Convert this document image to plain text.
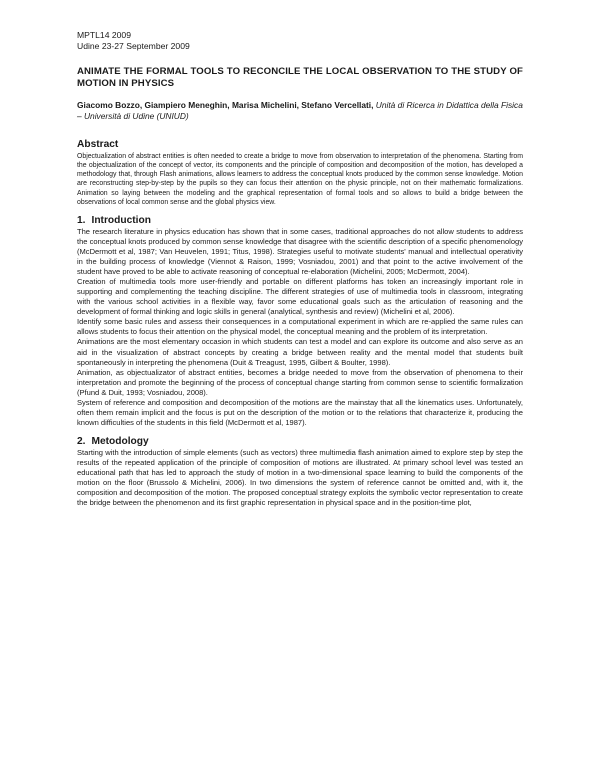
MPTL14 2009
Udine 23-27 September 2009
ANIMATE THE FORMAL TOOLS TO RECONCILE THE LOCAL OBSERVATION TO THE STUDY OF MOTION IN PHYSICS
Giacomo Bozzo, Giampiero Meneghin, Marisa Michelini, Stefano Vercellati, Unità di Ricerca in Didattica della Fisica – Università di Udine (UNIUD)
Abstract

Objectualization of abstract entities is often needed to create a bridge to move from observation to interpretation of the phenomena. Starting from the objectualization of the concept of vector, its components and the principle of composition and decomposition of the motion, has developed a methodology that, through Flash animations, allows learners to address the conceptual knots produced by the common sense knowledge. Motion are reconstructing step-by-step by the pupils so they can focus their attention on the physic principle, not on their mathematic formalizations. Animation so laying between the modeling and the graphical representation of formal tools and so allows to build a bridge between the observations of local common sense and the global physics view.

1. Introduction

The research literature in physics education has shown that in some cases, traditional approaches do not allow students to address the conceptual knots produced by common sense knowledge that disagree with the scientific description of a specific phenomenology (McDermott et al, 1987; Van Heuvelen, 1991; Titus, 1998). Strategies useful to motivate students' manual and intellectual operativity in the building process of knowledge (Viennot & Raison, 1999; Vosniadou, 2001) and that point to the active involvement of the student have proved to be able to activate reasoning of conceptual re-elaboration (Michelini, 2005; McDermott, 2004).

Creation of multimedia tools more user-friendly and portable on different platforms has token an increasingly important role in supporting and complementing the teaching discipline. The different strategies of use of multimedia tools in classroom, integrating with the various school activities in a flexible way, favor some educational goals such as the articulation of reasoning and the development of formal thinking and logic skills in general (analytical, synthesis and review) (Michelini et al, 2006).

Identify some basic rules and assess their consequences in a computational experiment in which are re-applied the same rules can allows students to focus their attention on the physical model, the conceptual meaning and the problem of its interpretation.

Animations are the most elementary occasion in which students can test a model and can explore its outcome and also serve as an aid in the visualization of abstract concepts by creating a bridge between reality and the mental model that students built spontaneously in interpreting the phenomena (Duit & Treagust, 1995, Gilbert & Boulter, 1998).

Animation, as objectualizator of abstract entities, becomes a bridge needed to move from the observation of phenomena to their interpretation and promote the beginning of the process of conceptual change starting from common sense to scientific formalization (Pfund & Duit, 1993; Vosniadou, 2008).

System of reference and composition and decomposition of the motions are the mainstay that all the kinematics uses. Unfortunately, often them remain implicit and the focus is put on the description of the motion or to the relations that characterize it, producing the known difficulties of the students in this field (McDermott et al, 1987).

2. Metodology

Starting with the introduction of simple elements (such as vectors) three multimedia flash animation aimed to explore step by step the results of the repeated application of the principle of composition of motions are illustrated. At primary school level was tested an educational path that has led to approach the study of motion in a two-dimensional space learning to build the components of the motion on the floor (Brussolo & Michelini, 2006). In two dimensions the system of reference cannot be omitted and, with it, the composition and decomposition of the motion. The proposed conceptual strategy exploits the symbolic vector representation to create the bridge between the phenomenon and its first graphic representation in physical space and in the position-time plot,
